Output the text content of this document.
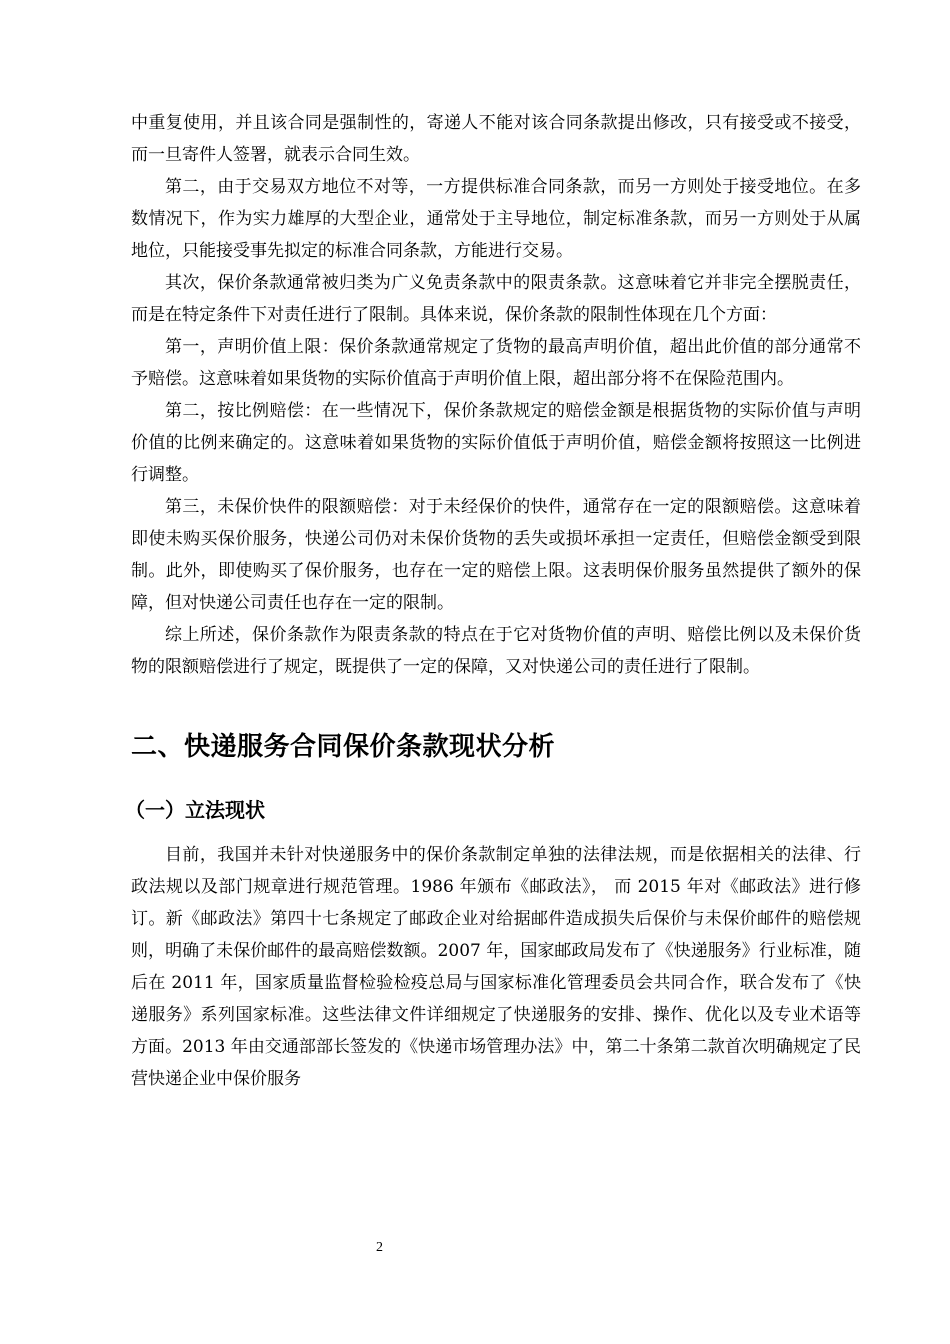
中重复使用，并且该合同是强制性的，寄递人不能对该合同条款提出修改，只有接受或不接受，而一旦寄件人签署，就表示合同生效。

第二，由于交易双方地位不对等，一方提供标准合同条款，而另一方则处于接受地位。在多数情况下，作为实力雄厚的大型企业，通常处于主导地位，制定标准条款，而另一方则处于从属地位，只能接受事先拟定的标准合同条款，方能进行交易。

其次，保价条款通常被归类为广义免责条款中的限责条款。这意味着它并非完全摆脱责任，而是在特定条件下对责任进行了限制。具体来说，保价条款的限制性体现在几个方面：

第一，声明价值上限：保价条款通常规定了货物的最高声明价值，超出此价值的部分通常不予赔偿。这意味着如果货物的实际价值高于声明价值上限，超出部分将不在保险范围内。

第二，按比例赔偿：在一些情况下，保价条款规定的赔偿金额是根据货物的实际价值与声明价值的比例来确定的。这意味着如果货物的实际价值低于声明价值，赔偿金额将按照这一比例进行调整。

第三，未保价快件的限额赔偿：对于未经保价的快件，通常存在一定的限额赔偿。这意味着即使未购买保价服务，快递公司仍对未保价货物的丢失或损坏承担一定责任，但赔偿金额受到限制。此外，即使购买了保价服务，也存在一定的赔偿上限。这表明保价服务虽然提供了额外的保障，但对快递公司责任也存在一定的限制。

综上所述，保价条款作为限责条款的特点在于它对货物价值的声明、赔偿比例以及未保价货物的限额赔偿进行了规定，既提供了一定的保障，又对快递公司的责任进行了限制。

二、快递服务合同保价条款现状分析
（一）立法现状

目前，我国并未针对快递服务中的保价条款制定单独的法律法规，而是依据相关的法律、行政法规以及部门规章进行规范管理。1986 年颁布《邮政法》， 而 2015 年对《邮政法》进行修订。新《邮政法》第四十七条规定了邮政企业对给据邮件造成损失后保价与未保价邮件的赔偿规则，明确了未保价邮件的最高赔偿数额。2007 年，国家邮政局发布了《快递服务》行业标准，随后在 2011 年，国家质量监督检验检疫总局与国家标准化管理委员会共同合作，联合发布了《快递服务》系列国家标准。这些法律文件详细规定了快递服务的安排、操作、优化以及专业术语等方面。2013 年由交通部部长签发的《快递市场管理办法》中，第二十条第二款首次明确规定了民营快递企业中保价服务

2
